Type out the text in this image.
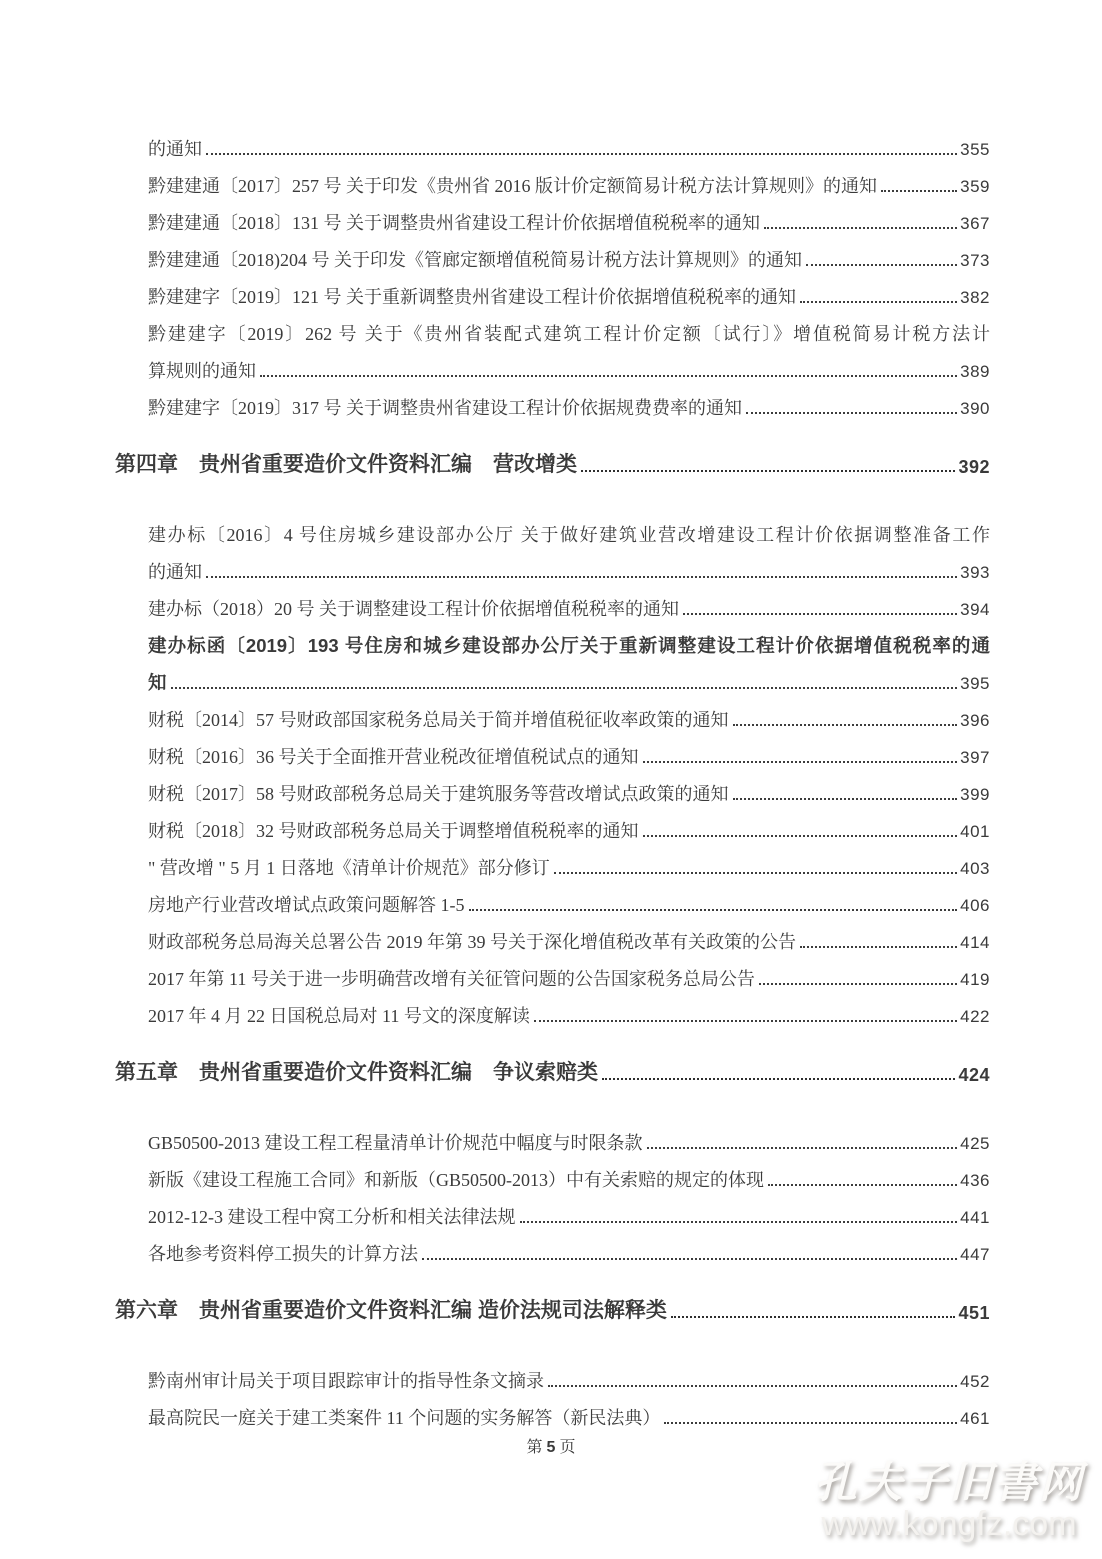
的通知	355
黔建建通〔2017〕257 号 关于印发《贵州省 2016 版计价定额简易计税方法计算规则》的通知	359
黔建建通〔2018〕131 号 关于调整贵州省建设工程计价依据增值税税率的通知	367
黔建建通〔2018)204 号 关于印发《管廊定额增值税简易计税方法计算规则》的通知	373
黔建建字〔2019〕121 号 关于重新调整贵州省建设工程计价依据增值税税率的通知	382
黔建建字〔2019〕262 号 关于《贵州省装配式建筑工程计价定额〔试行〕》增值税简易计税方法计
算规则的通知	389
黔建建字〔2019〕317 号 关于调整贵州省建设工程计价依据规费费率的通知	390
第四章　贵州省重要造价文件资料汇编　营改增类	392
建办标〔2016〕4 号住房城乡建设部办公厅 关于做好建筑业营改增建设工程计价依据调整准备工作
的通知	393
建办标（2018）20 号 关于调整建设工程计价依据增值税税率的通知	394
建办标函〔2019〕193 号住房和城乡建设部办公厅关于重新调整建设工程计价依据增值税税率的通
知	395
财税〔2014〕57 号财政部国家税务总局关于简并增值税征收率政策的通知	396
财税〔2016〕36 号关于全面推开营业税改征增值税试点的通知	397
财税〔2017〕58 号财政部税务总局关于建筑服务等营改增试点政策的通知	399
财税〔2018〕32 号财政部税务总局关于调整增值税税率的通知	401
" 营改增 " 5 月 1 日落地《清单计价规范》部分修订	403
房地产行业营改增试点政策问题解答 1-5	406
财政部税务总局海关总署公告 2019 年第 39 号关于深化增值税改革有关政策的公告	414
2017 年第 11 号关于进一步明确营改增有关征管问题的公告国家税务总局公告	419
2017 年 4 月 22 日国税总局对 11 号文的深度解读	422
第五章　贵州省重要造价文件资料汇编　争议索赔类	424
GB50500-2013 建设工程工程量清单计价规范中幅度与时限条款	425
新版《建设工程施工合同》和新版（GB50500-2013）中有关索赔的规定的体现	436
2012-12-3 建设工程中窝工分析和相关法律法规	441
各地参考资料停工损失的计算方法	447
第六章　贵州省重要造价文件资料汇编 造价法规司法解释类	451
黔南州审计局关于项目跟踪审计的指导性条文摘录	452
最高院民一庭关于建工类案件 11 个问题的实务解答（新民法典）	461
第 5 页
孔夫子旧書网
www.kongfz.com
